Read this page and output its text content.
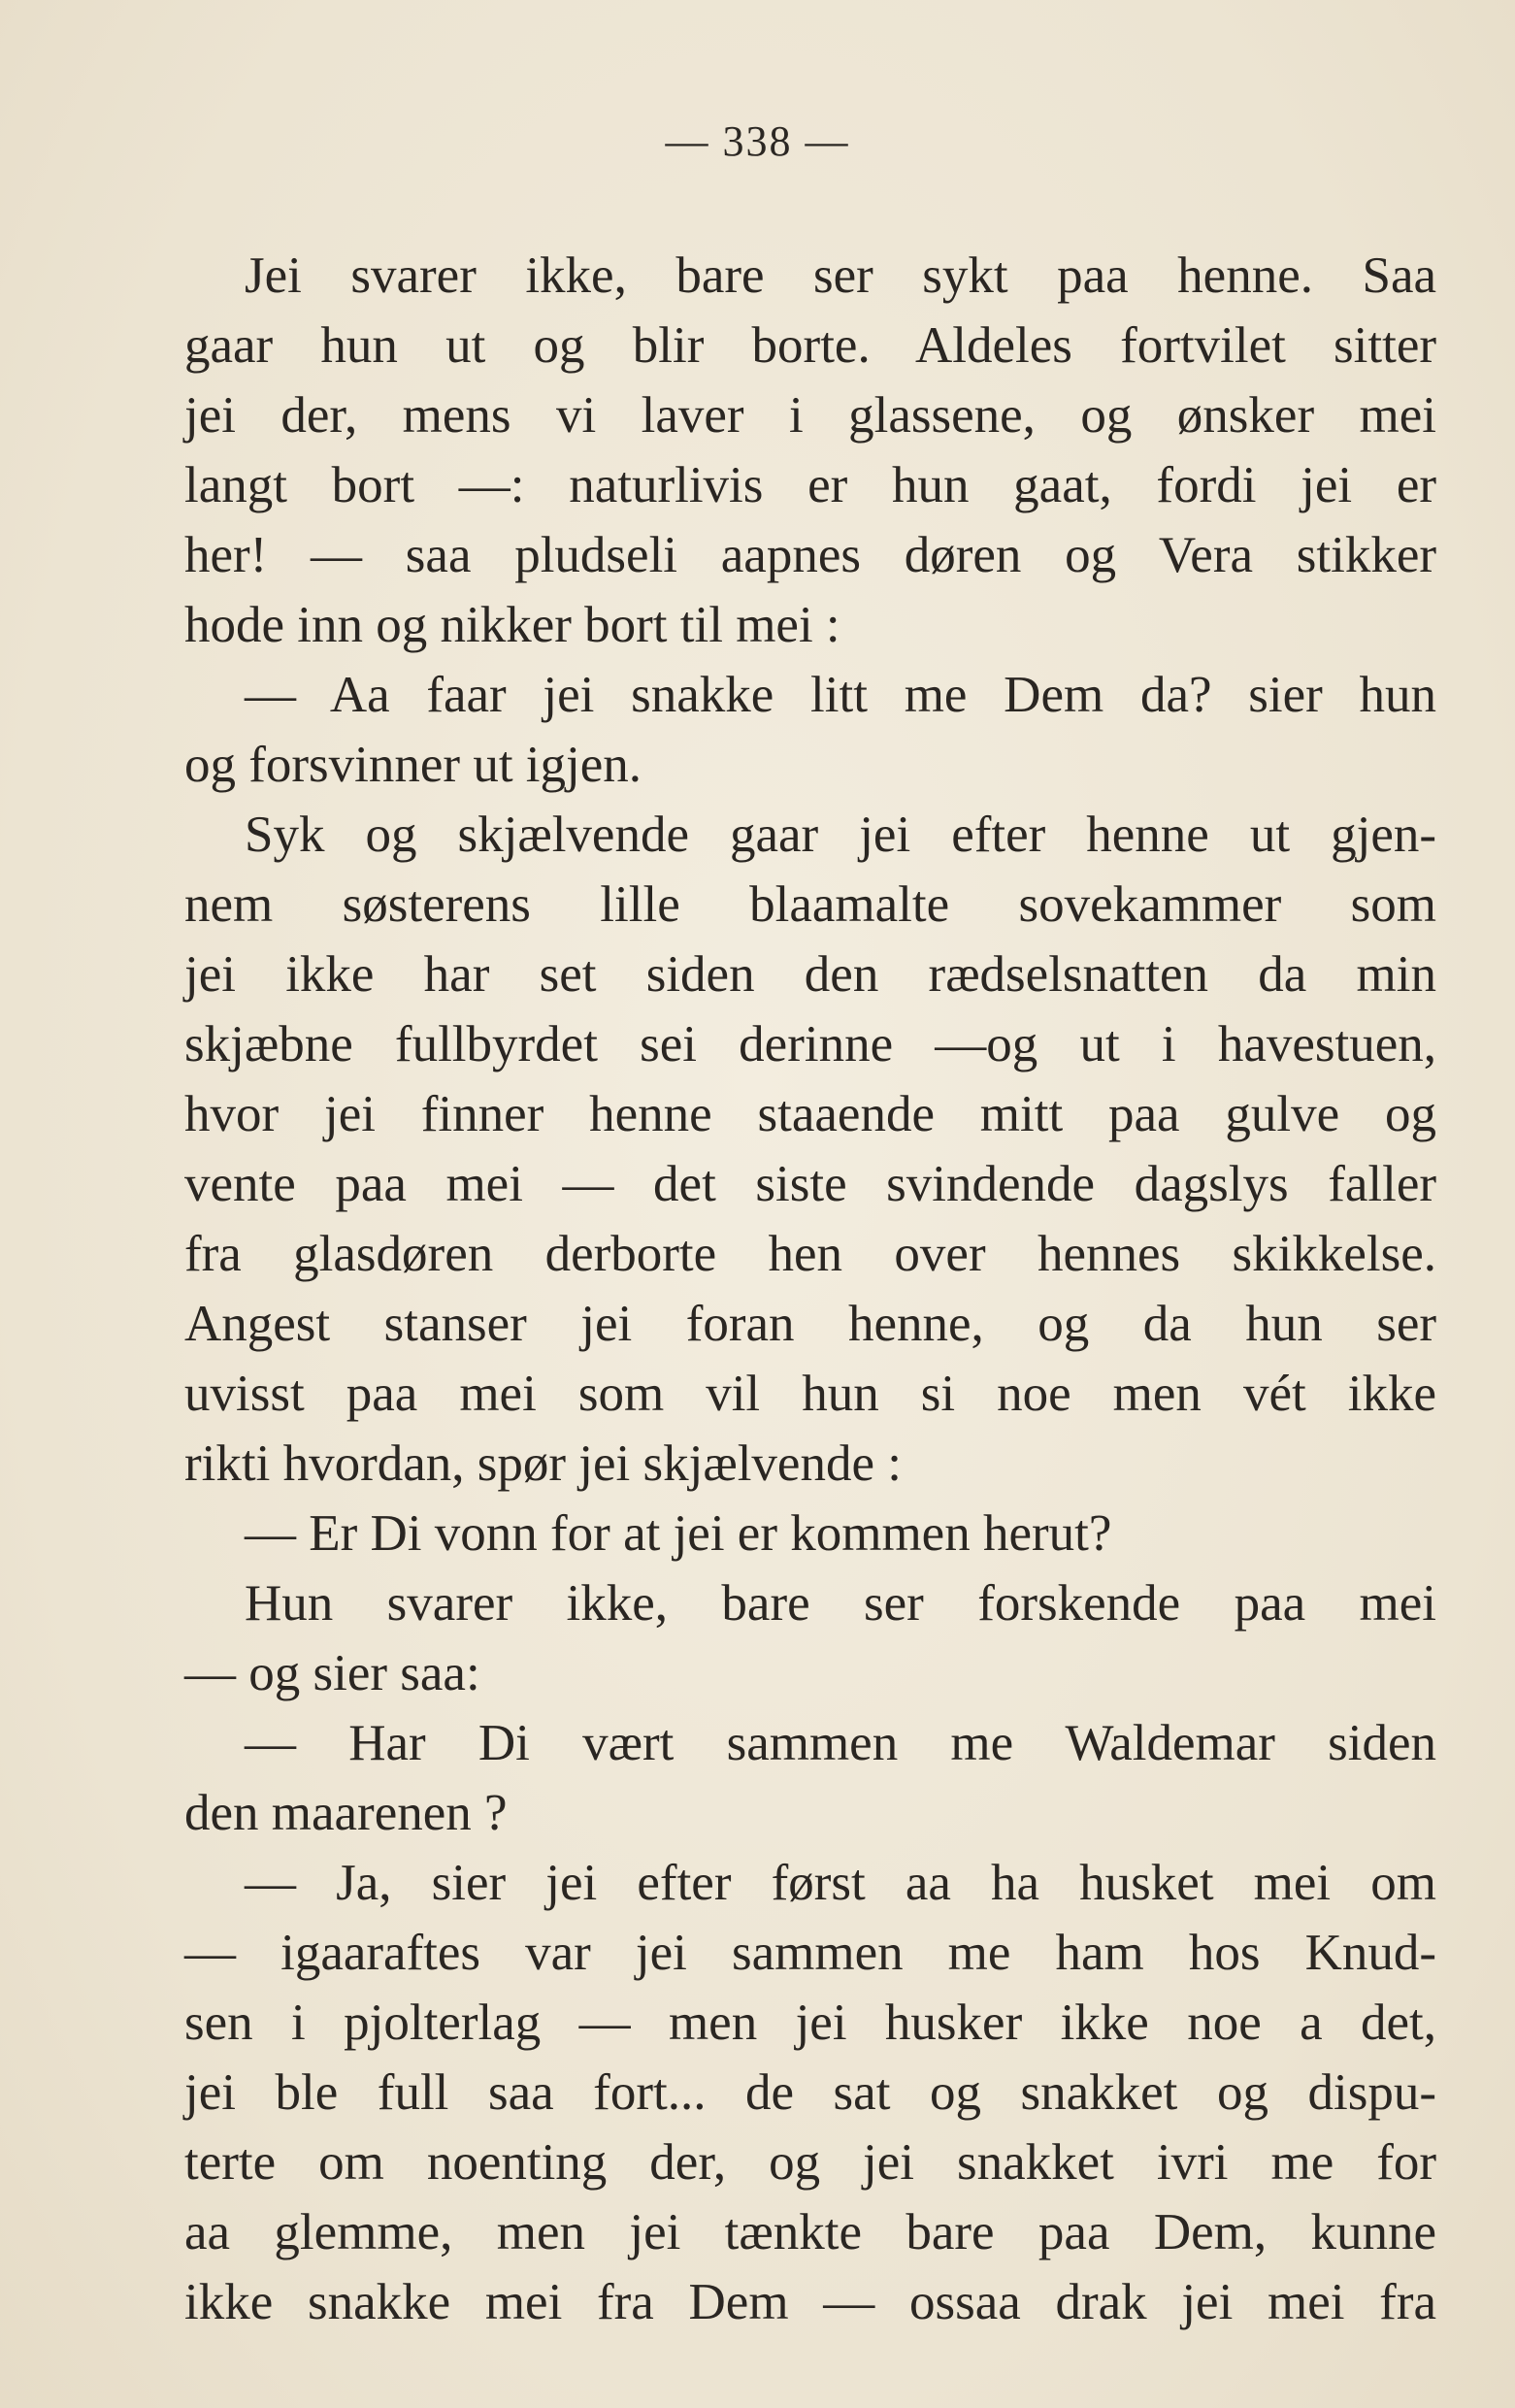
— 338 —
Jei svarer ikke, bare ser sykt paa henne. Saa
gaar hun ut og blir borte. Aldeles fortvilet sitter
jei der, mens vi laver i glassene, og ønsker mei
langt bort —: naturlivis er hun gaat, fordi jei er
her! — saa pludseli aapnes døren og Vera stikker
hode inn og nikker bort til mei :
— Aa faar jei snakke litt me Dem da? sier hun
og forsvinner ut igjen.
Syk og skjælvende gaar jei efter henne ut gjen-
nem søsterens lille blaamalte sovekammer som
jei ikke har set siden den rædselsnatten da min
skjæbne fullbyrdet sei derinne —og ut i havestuen,
hvor jei finner henne staaende mitt paa gulve og
vente paa mei — det siste svindende dagslys faller
fra glasdøren derborte hen over hennes skikkelse.
Angest stanser jei foran henne, og da hun ser
uvisst paa mei som vil hun si noe men vét ikke
rikti hvordan, spør jei skjælvende :
— Er Di vonn for at jei er kommen herut?
Hun svarer ikke, bare ser forskende paa mei
— og sier saa:
— Har Di vært sammen me Waldemar siden
den maarenen ?
— Ja, sier jei efter først aa ha husket mei om
— igaaraftes var jei sammen me ham hos Knud-
sen i pjolterlag — men jei husker ikke noe a det,
jei ble full saa fort... de sat og snakket og dispu-
terte om noenting der, og jei snakket ivri me for
aa glemme, men jei tænkte bare paa Dem, kunne
ikke snakke mei fra Dem — ossaa drak jei mei fra
